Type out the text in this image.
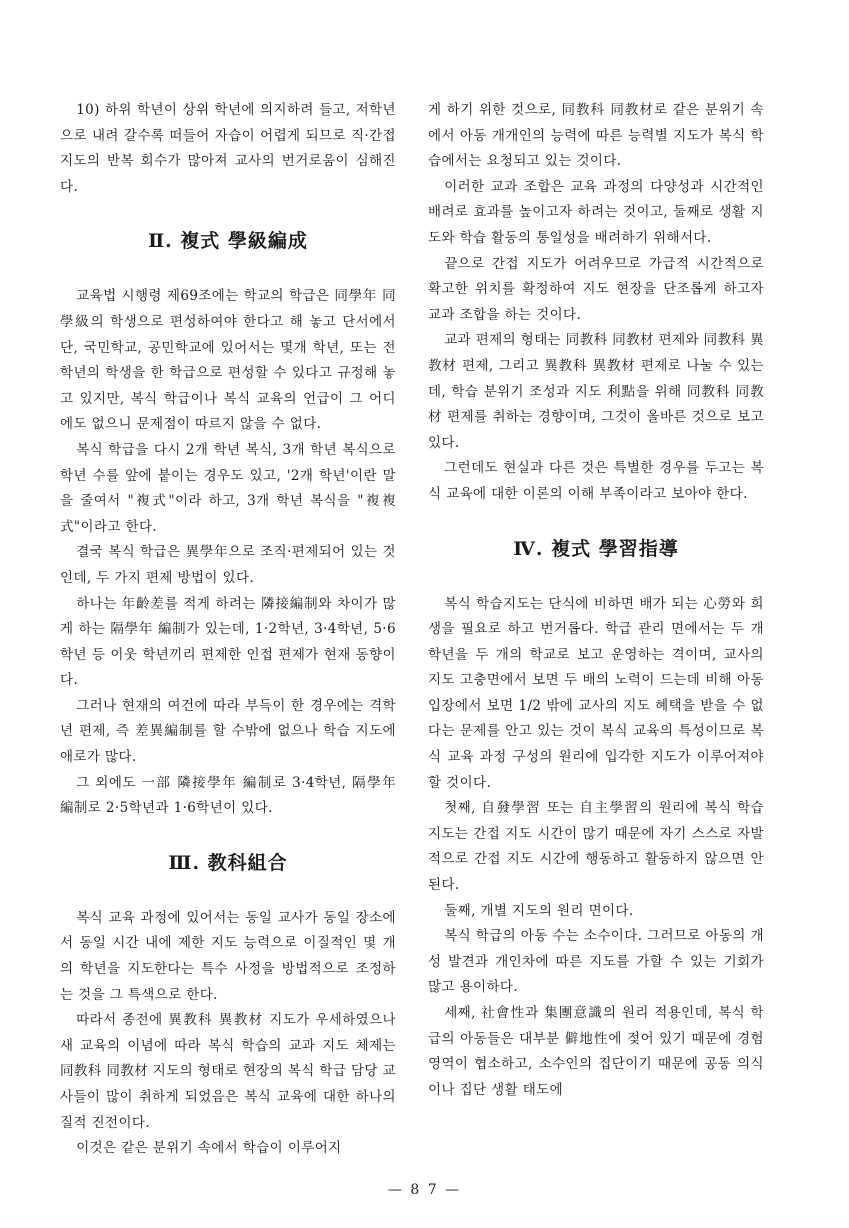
10) 하위 학년이 상위 학년에 의지하려 들고, 저학년으로 내려 갈수록 떠들어 자습이 어렵게 되므로 직·간접 지도의 반복 회수가 많아져 교사의 번거로움이 심해진다.

Ⅱ. 複式 學級編成

교육법 시행령 제69조에는 학교의 학급은 同學年 同學級의 학생으로 편성하여야 한다고 해 놓고 단서에서 단, 국민학교, 공민학교에 있어서는 몇개 학년, 또는 전학년의 학생을 한 학급으로 편성할 수 있다고 규정해 놓고 있지만, 복식 학급이나 복식 교육의 언급이 그 어디에도 없으니 문제점이 따르지 않을 수 없다.

복식 학급을 다시 2개 학년 복식, 3개 학년 복식으로 학년 수를 앞에 붙이는 경우도 있고, '2개 학년'이란 말을 줄여서 "複式"이라 하고, 3개 학년 복식을 "複複式"이라고 한다.

결국 복식 학급은 異學年으로 조직·편제되어 있는 것인데, 두 가지 편제 방법이 있다.

하나는 年齡差를 적게 하려는 隣接編制와 차이가 많게 하는 隔學年 編制가 있는데, 1·2학년, 3·4학년, 5·6학년 등 이웃 학년끼리 편제한 인접 편제가 현재 동향이다.

그러나 현재의 여건에 따라 부득이 한 경우에는 격학년 편제, 즉 差異編制를 할 수밖에 없으나 학습 지도에 애로가 많다.

그 외에도 一部 隣接學年 編制로 3·4학년, 隔學年 編制로 2·5학년과 1·6학년이 있다.

Ⅲ. 教科組合

복식 교육 과정에 있어서는 동일 교사가 동일 장소에서 동일 시간 내에 제한 지도 능력으로 이질적인 몇 개의 학년을 지도한다는 특수 사정을 방법적으로 조정하는 것을 그 특색으로 한다.

따라서 종전에 異教科 異教材 지도가 우세하였으나 새 교육의 이념에 따라 복식 학습의 교과 지도 체제는 同教科 同教材 지도의 형태로 현장의 복식 학급 담당 교사들이 많이 취하게 되었음은 복식 교육에 대한 하나의 질적 진전이다.

이것은 같은 분위기 속에서 학습이 이루어지

게 하기 위한 것으로, 同教科 同教材로 같은 분위기 속에서 아동 개개인의 능력에 따른 능력별 지도가 복식 학습에서는 요청되고 있는 것이다.

이러한 교과 조합은 교육 과정의 다양성과 시간적인 배려로 효과를 높이고자 하려는 것이고, 둘째로 생활 지도와 학습 활동의 통일성을 배려하기 위해서다.

끝으로 간접 지도가 어려우므로 가급적 시간적으로 확고한 위치를 확정하여 지도 현장을 단조롭게 하고자 교과 조합을 하는 것이다.

교과 편제의 형태는 同教科 同教材 편제와 同教科 異教材 편제, 그리고 異教科 異教材 편제로 나눌 수 있는데, 학습 분위기 조성과 지도 利點을 위해 同教科 同教材 편제를 취하는 경향이며, 그것이 올바른 것으로 보고 있다.

그런데도 현실과 다른 것은 특별한 경우를 두고는 복식 교육에 대한 이론의 이해 부족이라고 보아야 한다.

Ⅳ. 複式 學習指導

복식 학습지도는 단식에 비하면 배가 되는 心勞와 희생을 필요로 하고 번거롭다. 학급 관리 면에서는 두 개 학년을 두 개의 학교로 보고 운영하는 격이며, 교사의 지도 고충면에서 보면 두 배의 노력이 드는데 비해 아동 입장에서 보면 1/2 밖에 교사의 지도 혜택을 받을 수 없다는 문제를 안고 있는 것이 복식 교육의 특성이므로 복식 교육 과정 구성의 원리에 입각한 지도가 이루어져야 할 것이다.

첫째, 自發學習 또는 自主學習의 원리에 복식 학습 지도는 간접 지도 시간이 많기 때문에 자기 스스로 자발적으로 간접 지도 시간에 행동하고 활동하지 않으면 안 된다.

둘째, 개별 지도의 원리 면이다.

복식 학급의 아동 수는 소수이다. 그러므로 아동의 개성 발견과 개인차에 따른 지도를 가할 수 있는 기회가 많고 용이하다.

세째, 社會性과 集團意識의 원리 적용인데, 복식 학급의 아동들은 대부분 僻地性에 젖어 있기 때문에 경험 영역이 협소하고, 소수인의 집단이기 때문에 공동 의식이나 집단 생활 태도에

— 8 7 —
